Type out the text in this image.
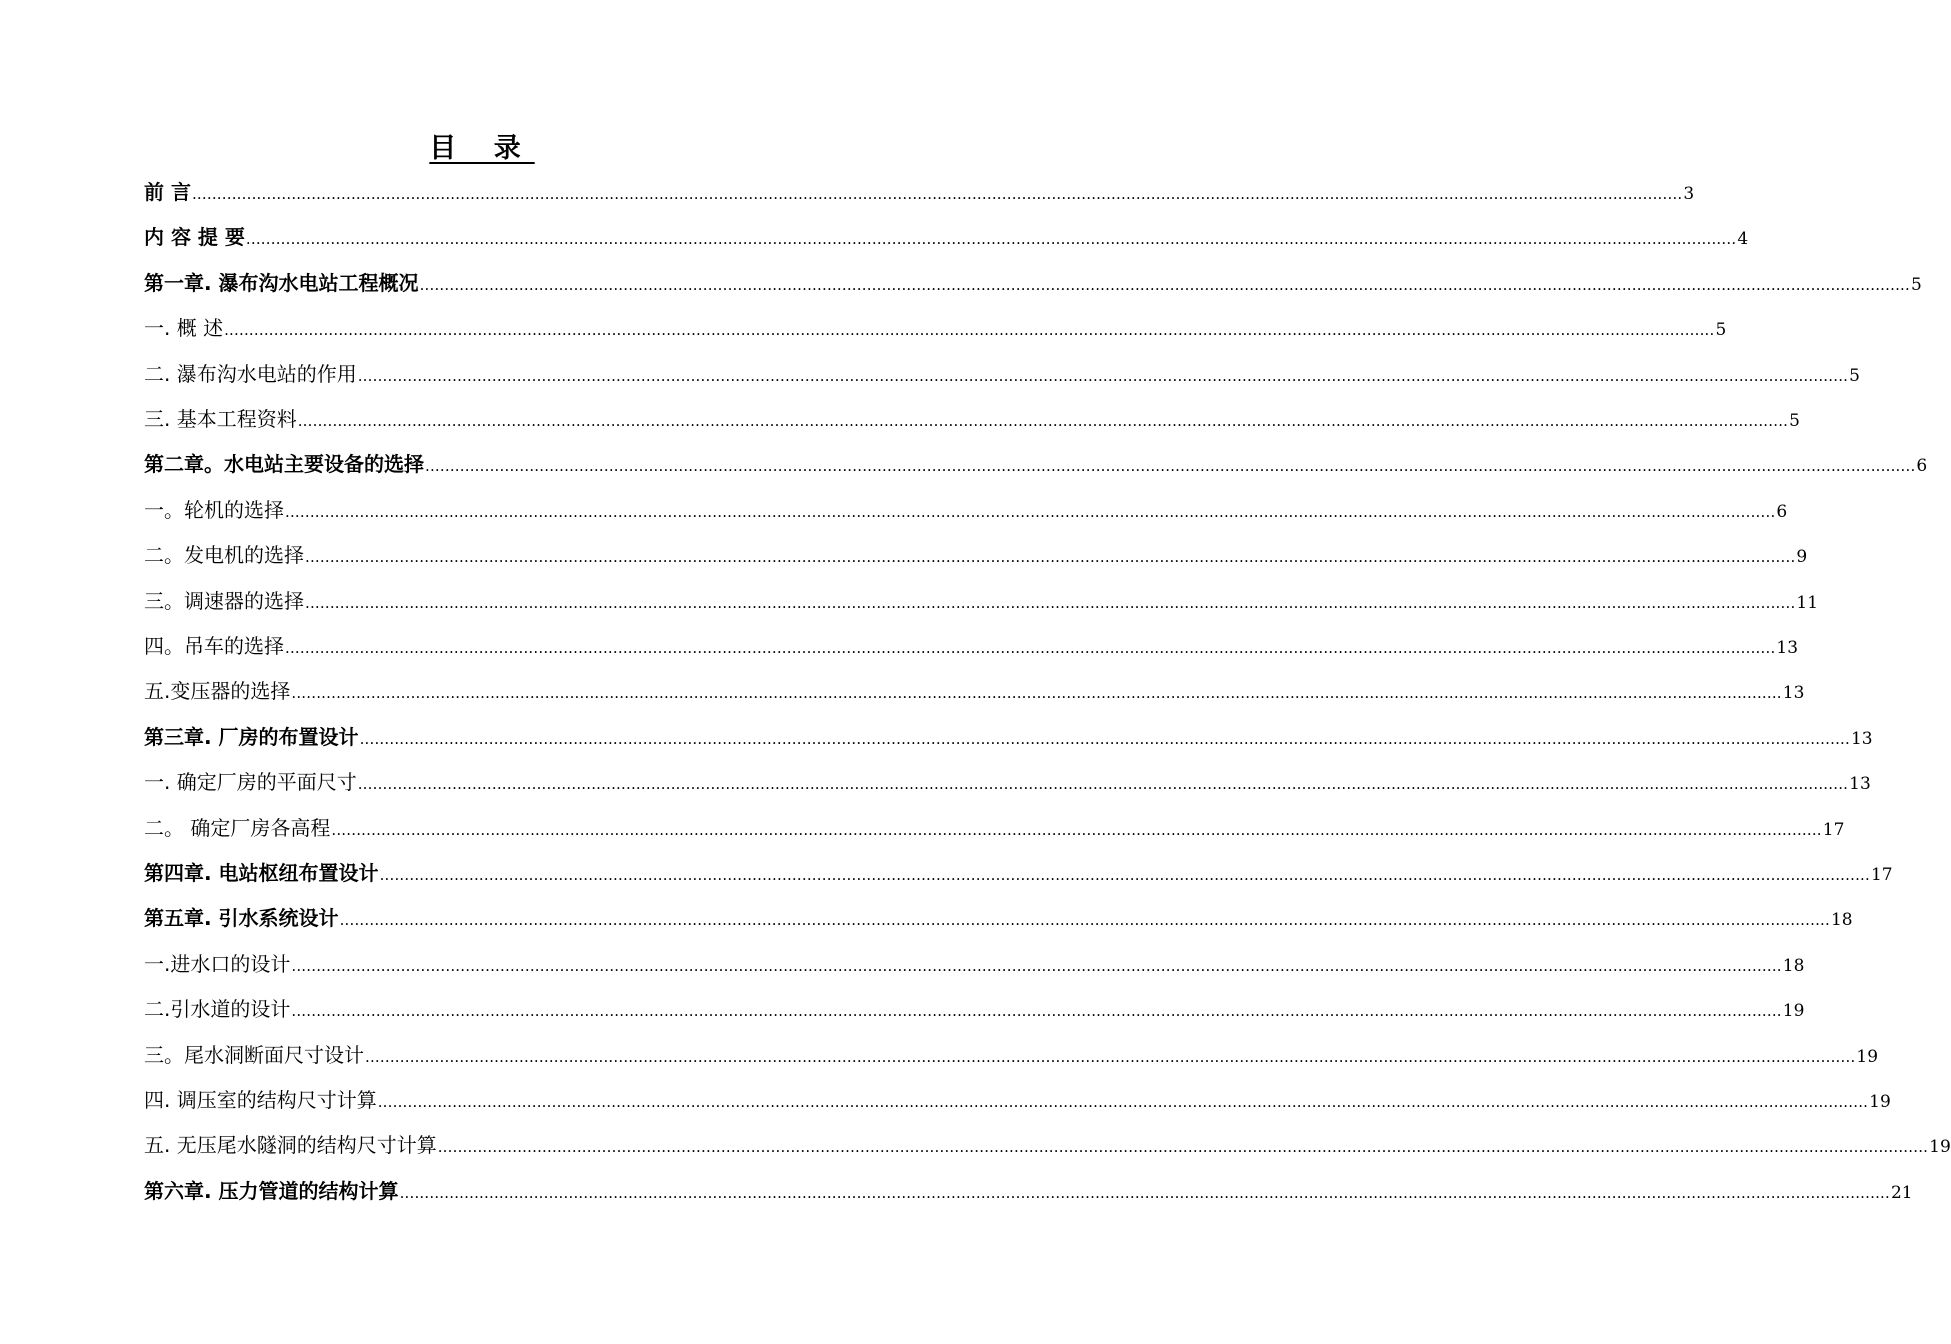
目 录
前 言 ............................................................................................................................................................................................................................................................................................................ 3
内 容 提 要 ............................................................................................................................................................................................................................................................................................................ 4
第一章. 瀑布沟水电站工程概况 ............................................................................................................................................................................................................................................................................................................ 5
一. 概 述 ............................................................................................................................................................................................................................................................................................................ 5
二. 瀑布沟水电站的作用 ............................................................................................................................................................................................................................................................................................................ 5
三. 基本工程资料 ............................................................................................................................................................................................................................................................................................................ 5
第二章。水电站主要设备的选择 ............................................................................................................................................................................................................................................................................................................ 6
一。轮机的选择 ............................................................................................................................................................................................................................................................................................................ 6
二。发电机的选择 ............................................................................................................................................................................................................................................................................................................ 9
三。调速器的选择 ............................................................................................................................................................................................................................................................................................................ 11
四。吊车的选择 ............................................................................................................................................................................................................................................................................................................ 13
五.变压器的选择 ............................................................................................................................................................................................................................................................................................................ 13
第三章. 厂房的布置设计 ............................................................................................................................................................................................................................................................................................................ 13
一. 确定厂房的平面尺寸 ............................................................................................................................................................................................................................................................................................................ 13
二。 确定厂房各高程 ............................................................................................................................................................................................................................................................................................................ 17
第四章. 电站枢纽布置设计 ............................................................................................................................................................................................................................................................................................................ 17
第五章. 引水系统设计 ............................................................................................................................................................................................................................................................................................................ 18
一.进水口的设计 ............................................................................................................................................................................................................................................................................................................ 18
二.引水道的设计 ............................................................................................................................................................................................................................................................................................................ 19
三。尾水洞断面尺寸设计 ............................................................................................................................................................................................................................................................................................................ 19
四. 调压室的结构尺寸计算 ............................................................................................................................................................................................................................................................................................................ 19
五. 无压尾水隧洞的结构尺寸计算 ............................................................................................................................................................................................................................................................................................................ 19
第六章. 压力管道的结构计算 ............................................................................................................................................................................................................................................................................................................ 21
